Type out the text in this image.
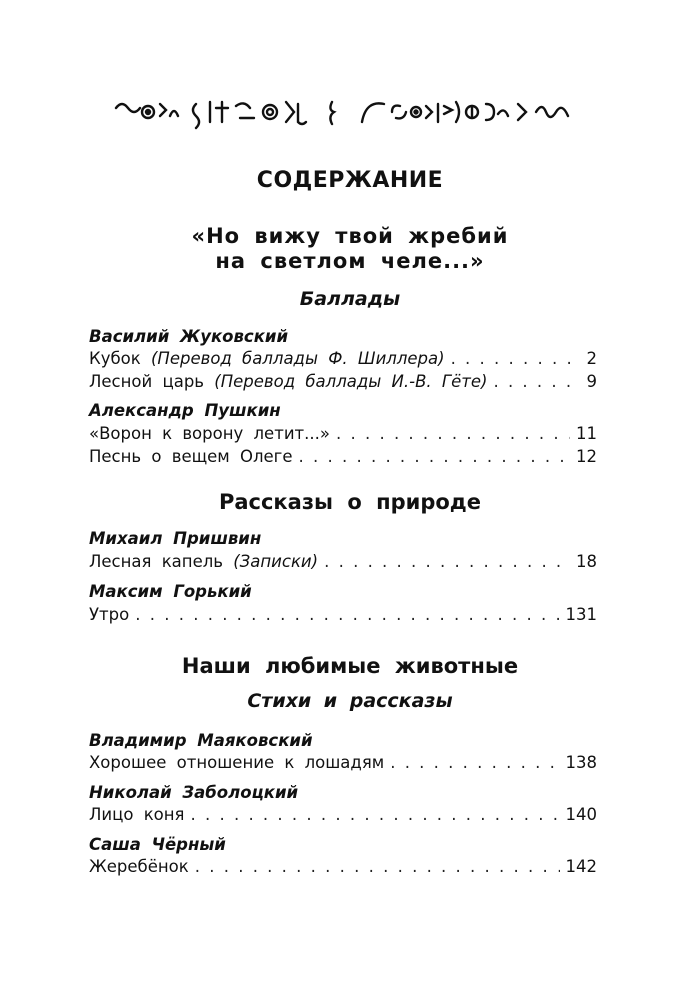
СОДЕРЖАНИЕ
«Но вижу твой жребий
на светлом челе...»
Баллады
Василий Жуковский
Кубок (Перевод баллады Ф. Шиллера) . . .	2
Лесной царь (Перевод баллады И.-В. Гёте) . . .	9
Александр Пушкин
«Ворон к ворону летит...» . . .	11
Песнь о вещем Олеге . . .	12
Рассказы о природе
Михаил Пришвин
Лесная капель (Записки) . . .	18
Максим Горький
Утро . . .	131
Наши любимые животные
Стихи и рассказы
Владимир Маяковский
Хорошее отношение к лошадям . . .	138
Николай Заболоцкий
Лицо коня . . .	140
Саша Чёрный
Жеребёнок . . .	142
